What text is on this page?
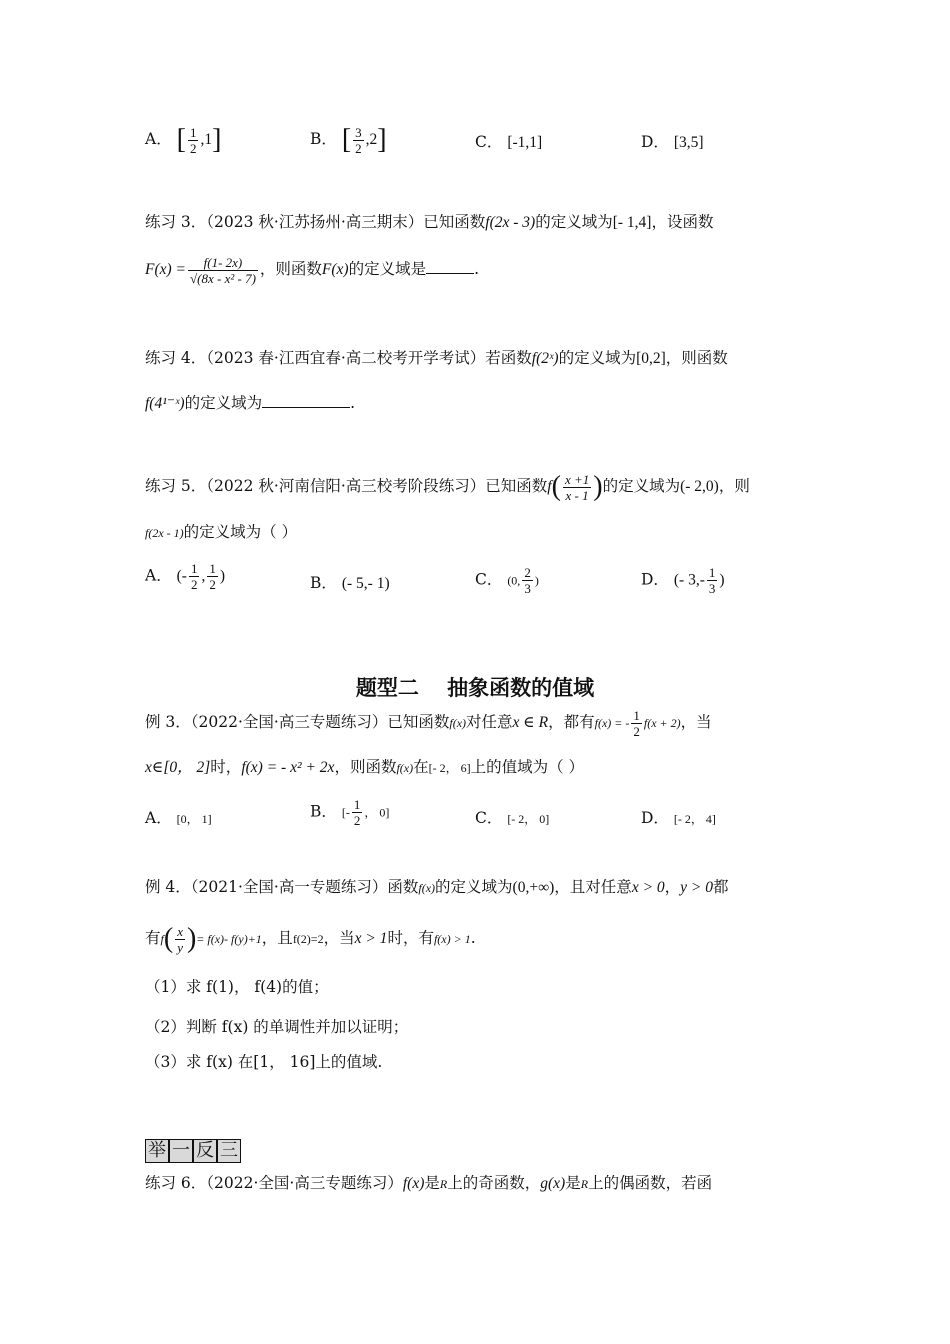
A． [ $\frac{1}{2} ,1$]	B． [ $\frac{3}{2} ,2$]	C． [-1,1]	D． [3,5]
练习 3．（2023 秋·江苏扬州·高三期末）已知函数f(2x - 3)的定义域为[- 1,4]，设函数
$F(x) = \frac{f(1- 2x)}{\text{√(8x - x² - 7)}}$ ，则函数F(x)的定义域是	.
练习 4．（2023 春·江西宜春·高二校考开学考试）若函数f(2ˣ)的定义域为[0,2]，则函数
f(4¹⁻ˣ)的定义域为	.
练习 5．（2022 秋·河南信阳·高三校考阶段练习）已知函数$f( \frac{x +1}{x - 1}$ )的定义域为(- 2,0)，则
f(2x - 1)的定义域为（ ）
A． (- $\frac{1}{2}$ , $\frac{1}{2}$ )	B． (- 5,- 1)	C． (0, $\frac{2}{3}$ )	D． (- $3,- \frac{1}{3}$ )
题型二　 抽象函数的值域
例 3．（2022·全国·高三专题练习）已知函数f(x)对任意x ∈ R，都有f(x) = - $\frac{1}{2} f(x + 2)$，当
x∈[0， 2]时，f(x) = - x² + 2x，则函数f(x)在[- 2， 6]上的值域为（ ）
A． [0， 1]	B． [- $\frac{1}{2}$ ， 0]	C． [- 2， 0]	D． [- 2， 4]
例 4．（2021·全国·高一专题练习）函数f(x)的定义域为(0,+∞)，且对任意x > 0，y > 0都
有$f( \frac{x}{y}$ )= f(x)- f(y)+1，且f(2)=2，当x > 1时，有f(x) > 1.
（1）求 f(1)， f(4)的值；
（2）判断 f(x) 的单调性并加以证明；
（3）求 f(x) 在[1， 16]上的值域.
举 一 反 三
练习 6．（2022·全国·高三专题练习）f(x)是R上的奇函数，g(x)是R上的偶函数，若函
